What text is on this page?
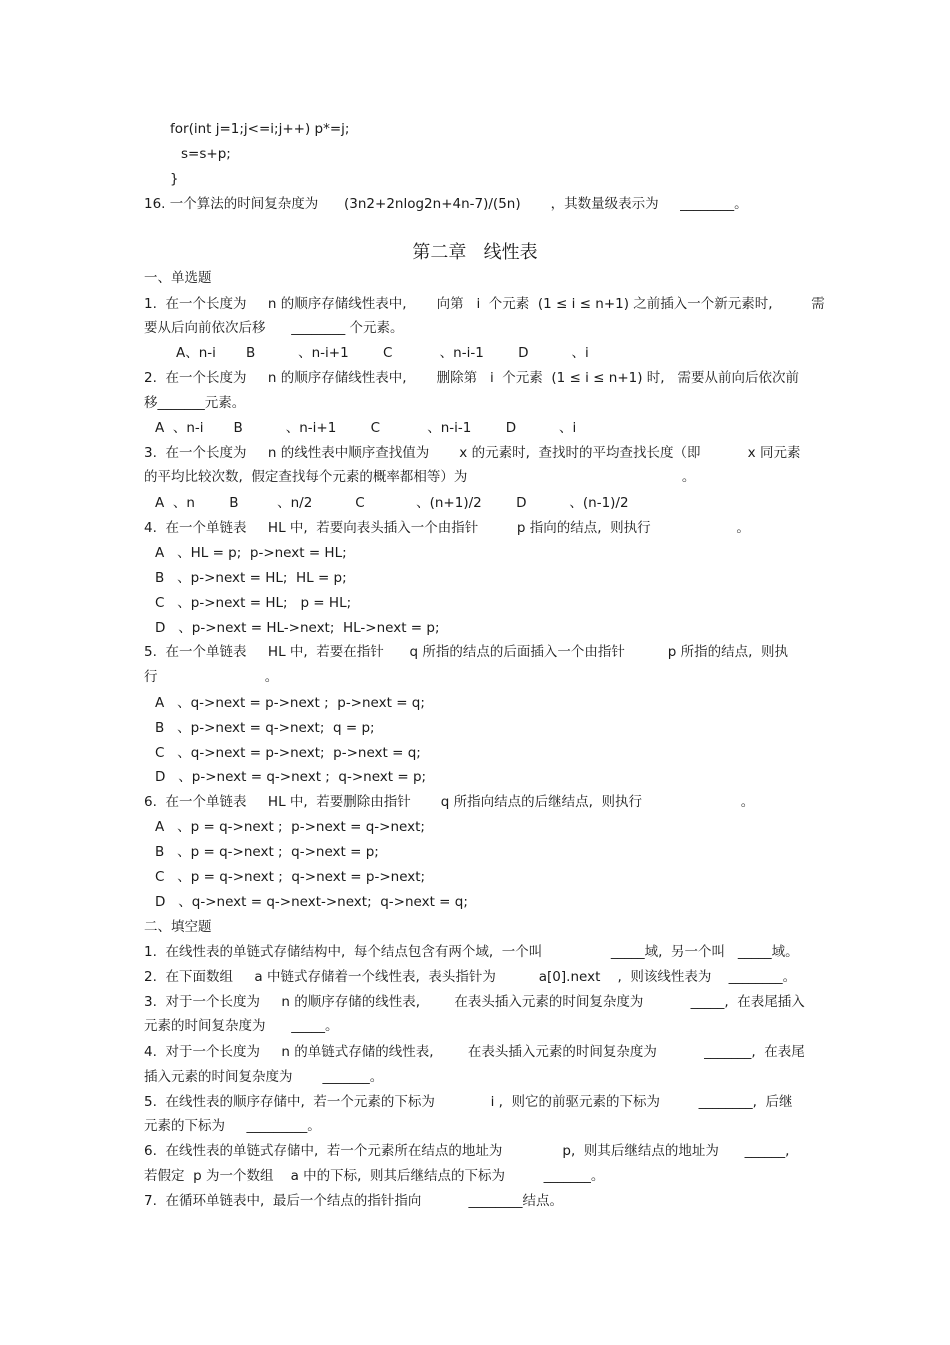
for(int j=1;j<=i;j++) p*=j;
s=s+p;
}
16. 一个算法的时间复杂度为      (3n2+2nlog2n+4n-7)/(5n)       ，其数量级表示为     ________。
第二章   线性表
一、单选题
1.  在一个长度为     n 的顺序存储线性表中,       向第   i  个元素  (1 ≤ i ≤ n+1) 之前插入一个新元素时,         需
要从后向前依次后移      ________ 个元素。
A、n-i       B          、n-i+1        C           、n-i-1        D          、i
2.  在一个长度为     n 的顺序存储线性表中,       删除第   i  个元素  (1 ≤ i ≤ n+1) 时,   需要从前向后依次前
移_______元素。
A  、n-i       B          、n-i+1        C           、n-i-1        D          、i
3.  在一个长度为     n 的线性表中顺序查找值为       x 的元素时,  查找时的平均查找长度（即           x 同元素
的平均比较次数,  假定查找每个元素的概率都相等）为                                                  。
A  、n        B         、n/2          C            、(n+1)/2        D          、(n-1)/2
4.  在一个单链表     HL 中,  若要向表头插入一个由指针         p 指向的结点,  则执行                    。
A   、HL = p;  p->next = HL;
B   、p->next = HL;  HL = p;
C   、p->next = HL;   p = HL;
D   、p->next = HL->next;  HL->next = p;
5.  在一个单链表     HL 中,  若要在指针      q 所指的结点的后面插入一个由指针          p 所指的结点,  则执
行                         。
A   、q->next = p->next ;  p->next = q;
B   、p->next = q->next;  q = p;
C   、q->next = p->next;  p->next = q;
D   、p->next = q->next ;  q->next = p;
6.  在一个单链表     HL 中,  若要删除由指针       q 所指向结点的后继结点,  则执行                       。
A   、p = q->next ;  p->next = q->next;
B   、p = q->next ;  q->next = p;
C   、p = q->next ;  q->next = p->next;
D   、q->next = q->next->next;  q->next = q;
二、填空题
1.  在线性表的单链式存储结构中,  每个结点包含有两个域,  一个叫                _____域,  另一个叫   _____域。
2.  在下面数组     a 中链式存储着一个线性表,  表头指针为          a[0].next    ,  则该线性表为    ________。
3.  对于一个长度为     n 的顺序存储的线性表,        在表头插入元素的时间复杂度为           _____,  在表尾插入
元素的时间复杂度为      _____。
4.  对于一个长度为     n 的单链式存储的线性表,        在表头插入元素的时间复杂度为           _______,  在表尾
插入元素的时间复杂度为       _______。
5.  在线性表的顺序存储中,  若一个元素的下标为             i ,  则它的前驱元素的下标为         ________,  后继
元素的下标为     _________。
6.  在线性表的单链式存储中,  若一个元素所在结点的地址为              p,  则其后继结点的地址为      ______,
若假定  p 为一个数组    a 中的下标,  则其后继结点的下标为         _______。
7.  在循环单链表中,  最后一个结点的指针指向           ________结点。
